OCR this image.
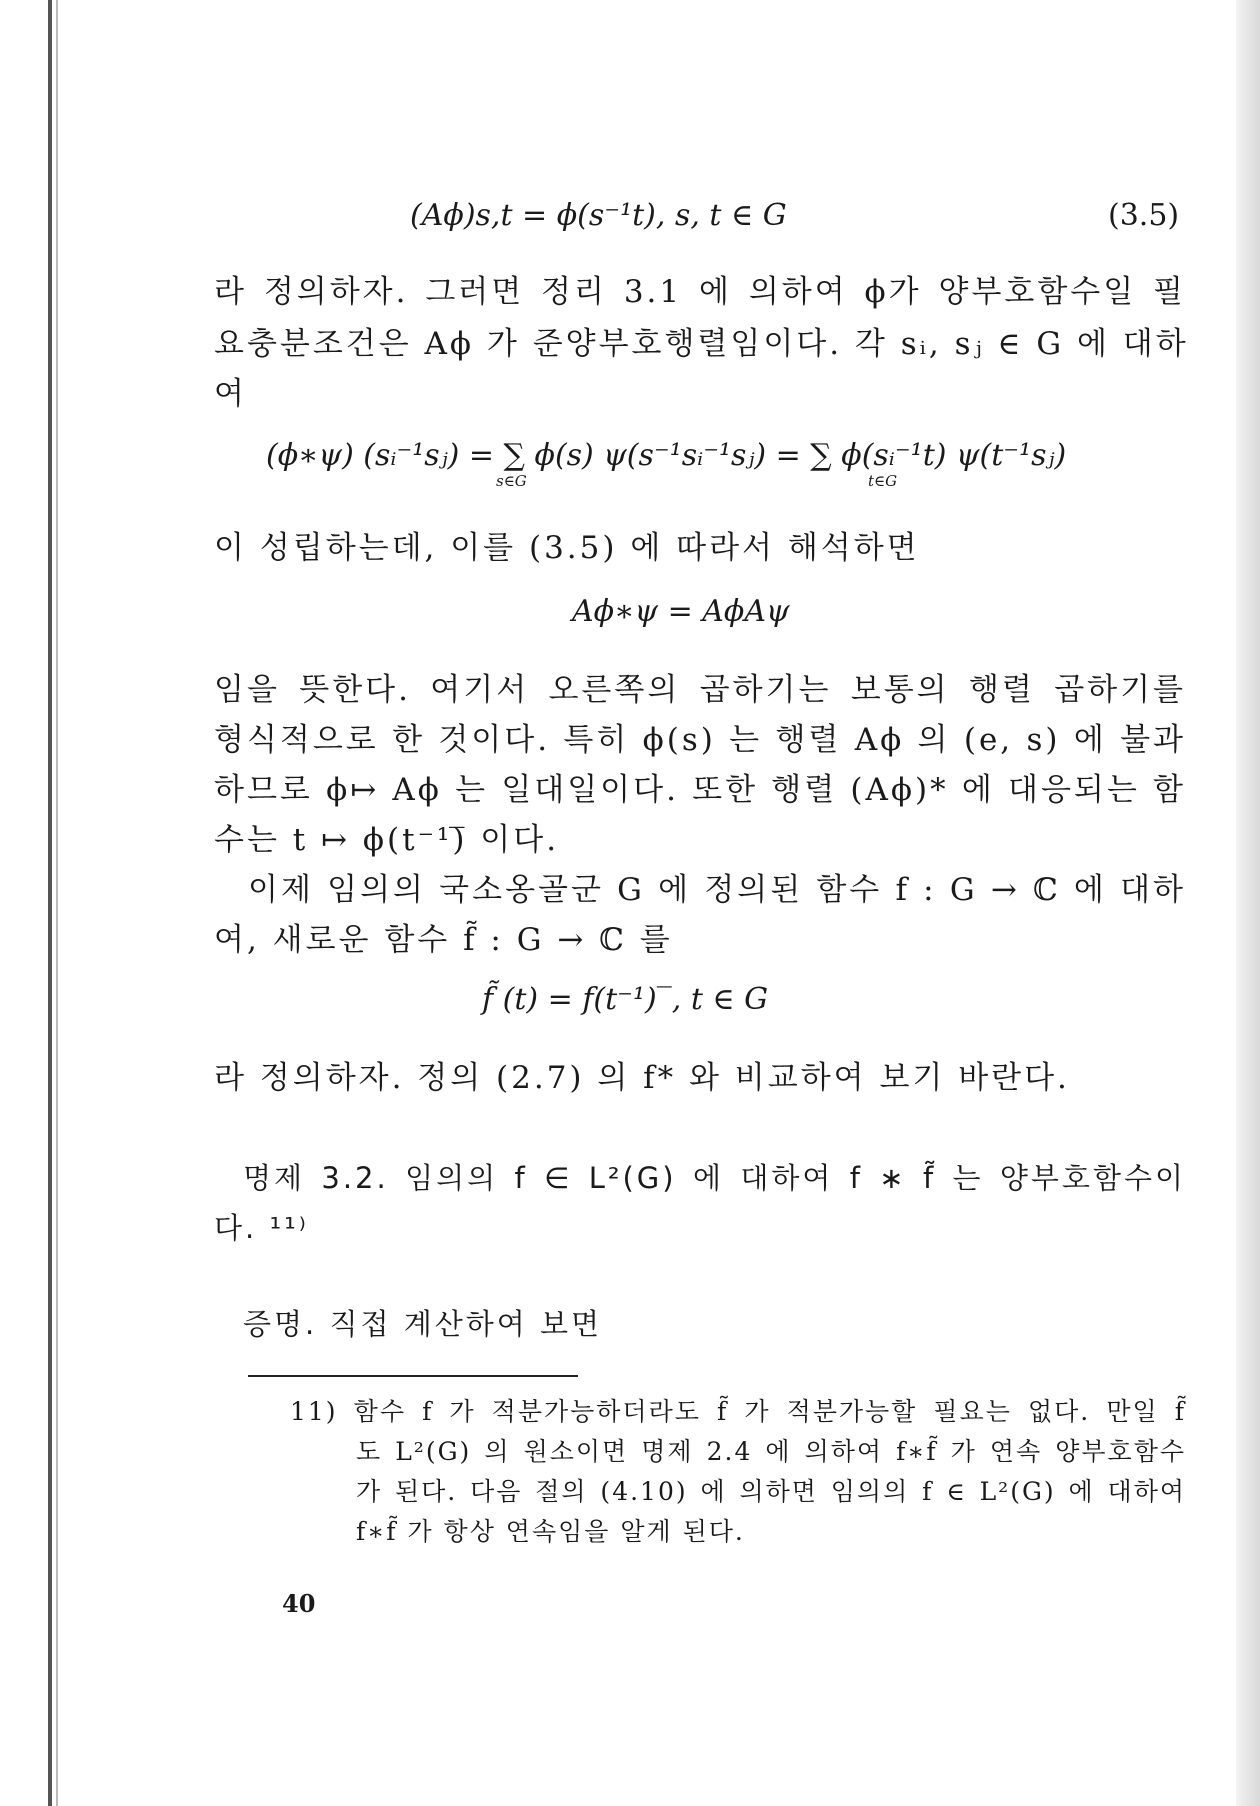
(Aϕ)s,t = ϕ(s⁻¹t), s, t ∈ G	(3.5)
라 정의하자. 그러면 정리 3.1 에 의하여 ϕ가 양부호함수일 필
요충분조건은 Aϕ 가 준양부호행렬임이다. 각 sᵢ, sⱼ ∈ G 에 대하
여
(ϕ∗ψ) (sᵢ⁻¹sⱼ) = ∑ ϕ(s) ψ(s⁻¹sᵢ⁻¹sⱼ) = ∑ ϕ(sᵢ⁻¹t) ψ(t⁻¹sⱼ)
s∈G	t∈G
이 성립하는데, 이를 (3.5) 에 따라서 해석하면
Aϕ∗ψ = AϕAψ
임을 뜻한다. 여기서 오른쪽의 곱하기는 보통의 행렬 곱하기를
형식적으로 한 것이다. 특히 ϕ(s) 는 행렬 Aϕ 의 (e, s) 에 불과
하므로 ϕ↦ Aϕ 는 일대일이다. 또한 행렬 (Aϕ)* 에 대응되는 함
수는 t ↦ ϕ(t⁻¹)̅ 이다.
이제 임의의 국소옹골군 G 에 정의된 함수 f : G → ℂ 에 대하
여, 새로운 함수 f̃ : G → ℂ 를
f̃ (t) = f(t⁻¹)‾, t ∈ G
라 정의하자. 정의 (2.7) 의 f* 와 비교하여 보기 바란다.
명제 3.2. 임의의 f ∈ L²(G) 에 대하여 f ∗ f̃ 는 양부호함수이
다. ¹¹⁾
증명. 직접 계산하여 보면
11) 함수 f 가 적분가능하더라도 f̃ 가 적분가능할 필요는 없다. 만일 f̃
도 L²(G) 의 원소이면 명제 2.4 에 의하여 f∗f̃ 가 연속 양부호함수
가 된다. 다음 절의 (4.10) 에 의하면 임의의 f ∈ L²(G) 에 대하여
f∗f̃ 가 항상 연속임을 알게 된다.
40
